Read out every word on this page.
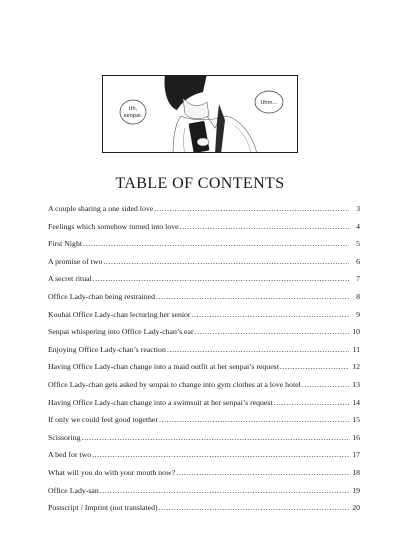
Uh,
senpai.
Uhm...
TABLE OF CONTENTS
A couple sharing a one sided love .....	3
Feelings which somehow turned into love .....	4
First Night .....	5
A promise of two .....	6
A secret ritual .....	7
Office Lady-chan being restrained .....	8
Kouhai Office Lady-chan lecturing her senior .....	9
Senpai whispering into Office Lady-chan’s ear .....	10
Enjoying Office Lady-chan’s reaction .....	11
Having Office Lady-chan change into a maid outfit at her senpai’s request .....	12
Office Lady-chan gets asked by senpai to change into gym clothes at a love hotel .....	13
Having Office Lady-chan change into a swimsuit at her senpai’s request .....	14
If only we could feel good together .....	15
Scissoring .....	16
A bed for two .....	17
What will you do with your mouth now? .....	18
Office Lady-san .....	19
Postscript / Imprint (not translated) .....	20
